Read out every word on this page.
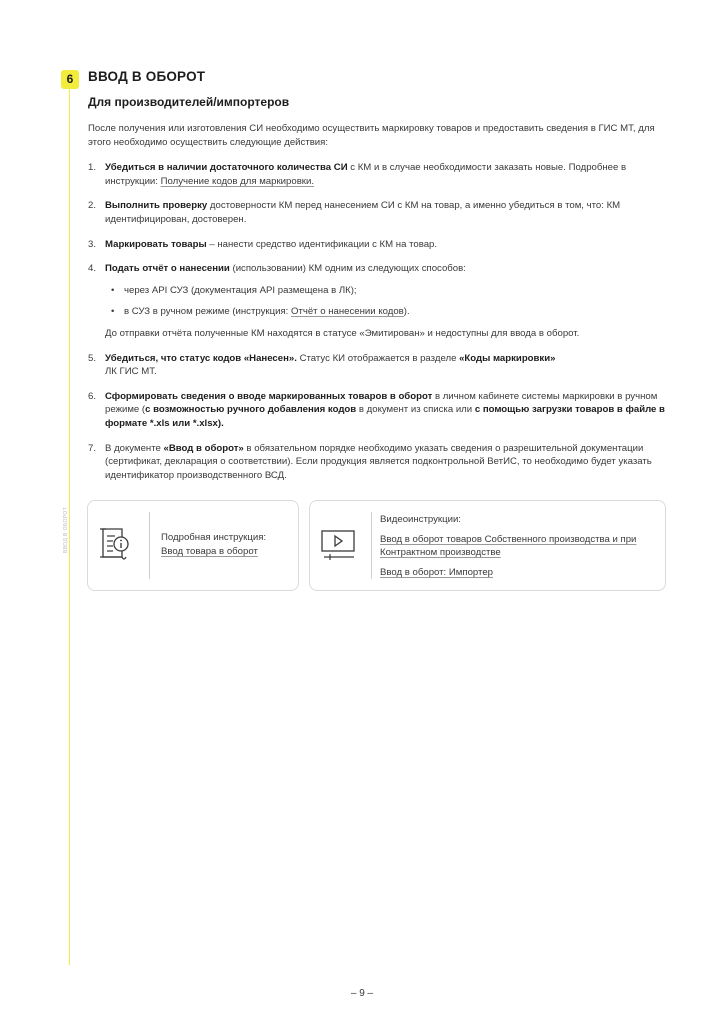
ВВОД В ОБОРОТ
6	ВВОД В ОБОРОТ
Для производителей/импортеров

После получения или изготовления СИ необходимо осуществить маркировку товаров и предоставить сведения в ГИС МТ, для этого необходимо осуществить следующие действия:

1. Убедиться в наличии достаточного количества СИ с КМ и в случае необходимости заказать новые. Подробнее в инструкции: Получение кодов для маркировки.
2. Выполнить проверку достоверности КМ перед нанесением СИ с КМ на товар, а именно убедиться в том, что: КМ идентифицирован, достоверен.
3. Маркировать товары – нанести средство идентификации с КМ на товар.
4. Подать отчёт о нанесении (использовании) КМ одним из следующих способов:
• через API СУЗ (документация API размещена в ЛК);
• в СУЗ в ручном режиме (инструкция: Отчёт о нанесении кодов).
До отправки отчёта полученные КМ находятся в статусе «Эмитирован» и недоступны для ввода в оборот.
5. Убедиться, что статус кодов «Нанесен». Статус КИ отображается в разделе «Коды маркировки»
ЛК ГИС МТ.
6. Сформировать сведения о вводе маркированных товаров в оборот в личном кабинете системы маркировки в ручном режиме (с возможностью ручного добавления кодов в документ из списка или с помощью загрузки товаров в файле в формате *.xls или *.xlsx).
7. В документе «Ввод в оборот» в обязательном порядке необходимо указать сведения о разрешительной документации (сертификат, декларация о соответствии). Если продукция является подконтрольной ВетИС, то необходимо будет указать идентификатор производственного ВСД.
Подробная инструкция:
Ввод товара в оборот
Видеоинструкции:
Ввод в оборот товаров Собственного производства и при Контрактном производстве
Ввод в оборот: Импортер
– 9 –
